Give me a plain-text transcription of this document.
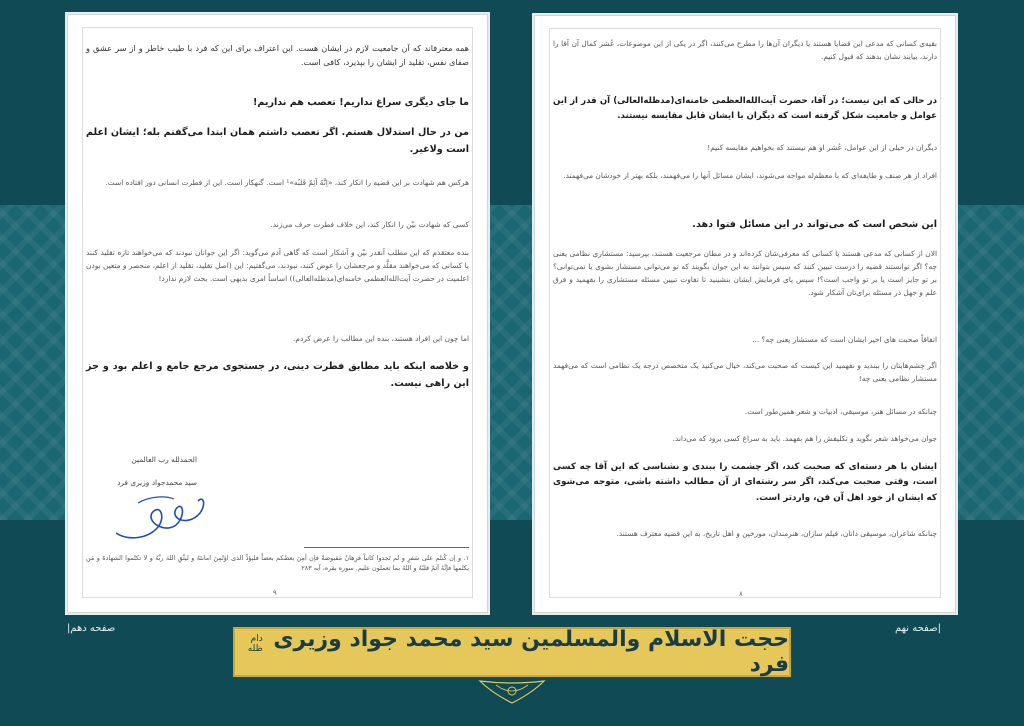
همه معترفاند که آن جامعیت لازم در ایشان هست. این اعتراف برای این که فرد با طیب خاطر و از سر عشق و صفای نفس، تقلید از ایشان را بپذیرد، کافی است.

ما جای دیگری سراغ نداریم! تعصب هم نداریم!

من در حال استدلال هستم. اگر تعصب داشتم همان ابتدا می‌گفتم بله؛ ایشان اعلم است ولاغیر.

هرکس هم شهادت بر این قضیه را انکار کند، «اِنَّهُ آثِمٌ قَلبُه»¹ است. گنهکار است. این از فطرت انسانی دور افتاده است.

کسی که شهادت بیّن را انکار کند، این خلاف فطرت حرف می‌زند.

بنده معتقدم که این مطلب آنقدر بیّن و آشکار است که گاهی آدم می‌گوید: اگر این جوانان نبودند که می‌خواهند تازه تقلید کنند یا کسانی که می‌خواهند مقلَّد و مرجعشان را عوض کنند، نبودند، می‌گفتیم: این (اصل تقلید، تقلید از اعلم، منحصر و متعین بودن اعلمیت در حضرت آیت‌الله‌العظمی خامنه‌ای(مدظله‌العالی)) اساساً امری بدیهی است. بحث لازم ندارد!

اما چون این افراد هستند، بنده این مطالب را عرض کردم.

و خلاصه اینکه باید مطابق فطرت دینی، در جستجوی مرجع جامع و اعلم بود و جز این راهی نیست.

الحمدلله رب العالمین
سید محمدجواد وزیری فرد

١. و إن کُنتُم علی سَفرٍ و لم تَجدوا کاتباً فرِهانٌ مَقبوضةٌ فإن أمِنَ بعضُکم بعضاً فلیؤدِّ الذی اؤتُمِنَ امانتَهُ و لیتَّقِ اللهَ ربَّهُ و لا تکتُموا الشهادةَ و مَن یکتُمها فإنَّهُ آثمٌ قلبُهُ و اللهُ بما تعملون علیم. سوره بقره، آیه ٢٨٣

٩

بقیه‌ی کسانی که مدعی این قضایا هستند یا دیگران آن‌ها را مطرح می‌کنند، اگر در یکی از این موضوعات، عُشر کمال آن آقا را دارند، بیایند نشان بدهند که قبول کنیم.

در حالی که این نیست؛ در آقا، حضرت آیت‌الله‌العظمی خامنه‌ای(مدظله‌العالی) آن قدر از این عوامل و جامعیت شکل گرفته است که دیگران با ایشان قابل مقایسه نیستند.

دیگران در خیلی از این عوامل، عُشر او هم نیستند که بخواهیم مقایسه کنیم!

افراد از هر صنف و طایفه‌ای که با معظم‌له مواجه می‌شوند، ایشان مسائل آنها را می‌فهمند، بلکه بهتر از خودشان می‌فهمند.

این شخص است که می‌تواند در این مسائل فتوا دهد.

الان از کسانی که مدعی هستند یا کسانی که معرفی‌شان کرده‌اند و در مظان مرجعیت هستند، بپرسید: مستشاری نظامی یعنی چه؟ اگر توانستند قضیه را درست تبیین کنند که سپس بتوانند به این جوان بگویند که تو می‌توانی مستشار بشوی یا نمی‌توانی؟ بر تو جایز است یا بر تو واجب است؟! سپس پای فرمایش ایشان بنشینید تا تفاوت تبیین مسئله مستشاری را بفهمید و فرق علم و جهل در مسئله برای‌تان آشکار شود.

اتفاقاً صحبت های اخیر ایشان است که مستشار یعنی چه؟ ...

اگر چشم‌هایتان را ببندید و نفهمید این کیست که صحبت می‌کند، خیال می‌کنید یک متخصص درجه یک نظامی است که می‌فهمد مستشار نظامی یعنی چه!

چنانکه در مسائل هنر، موسیقی، ادبیات و شعر همین‌طور است.

جوان می‌خواهد شعر بگوید و تکلیفش را هم بفهمد. باید به سراغ کسی برود که می‌داند.

ایشان با هر دسته‌ای که صحبت کند، اگر چشمت را ببندی و نشناسی که این آقا چه کسی است، وقتی صحبت می‌کند، اگر سر رشته‌ای از آن مطالب داشته باشی، متوجه می‌شوی که ایشان از خود اهل آن فن، واردتر است.

چنانکه شاعران، موسیقی دانان، فیلم سازان، هنرمندان، مورخین و اهل تاریخ، به این قضیه معترف هستند.

٨
صفحه دهم|	|صفحه نهم
حجت الاسلام والمسلمین سید محمد جواد وزیری فرد
دام ظله
